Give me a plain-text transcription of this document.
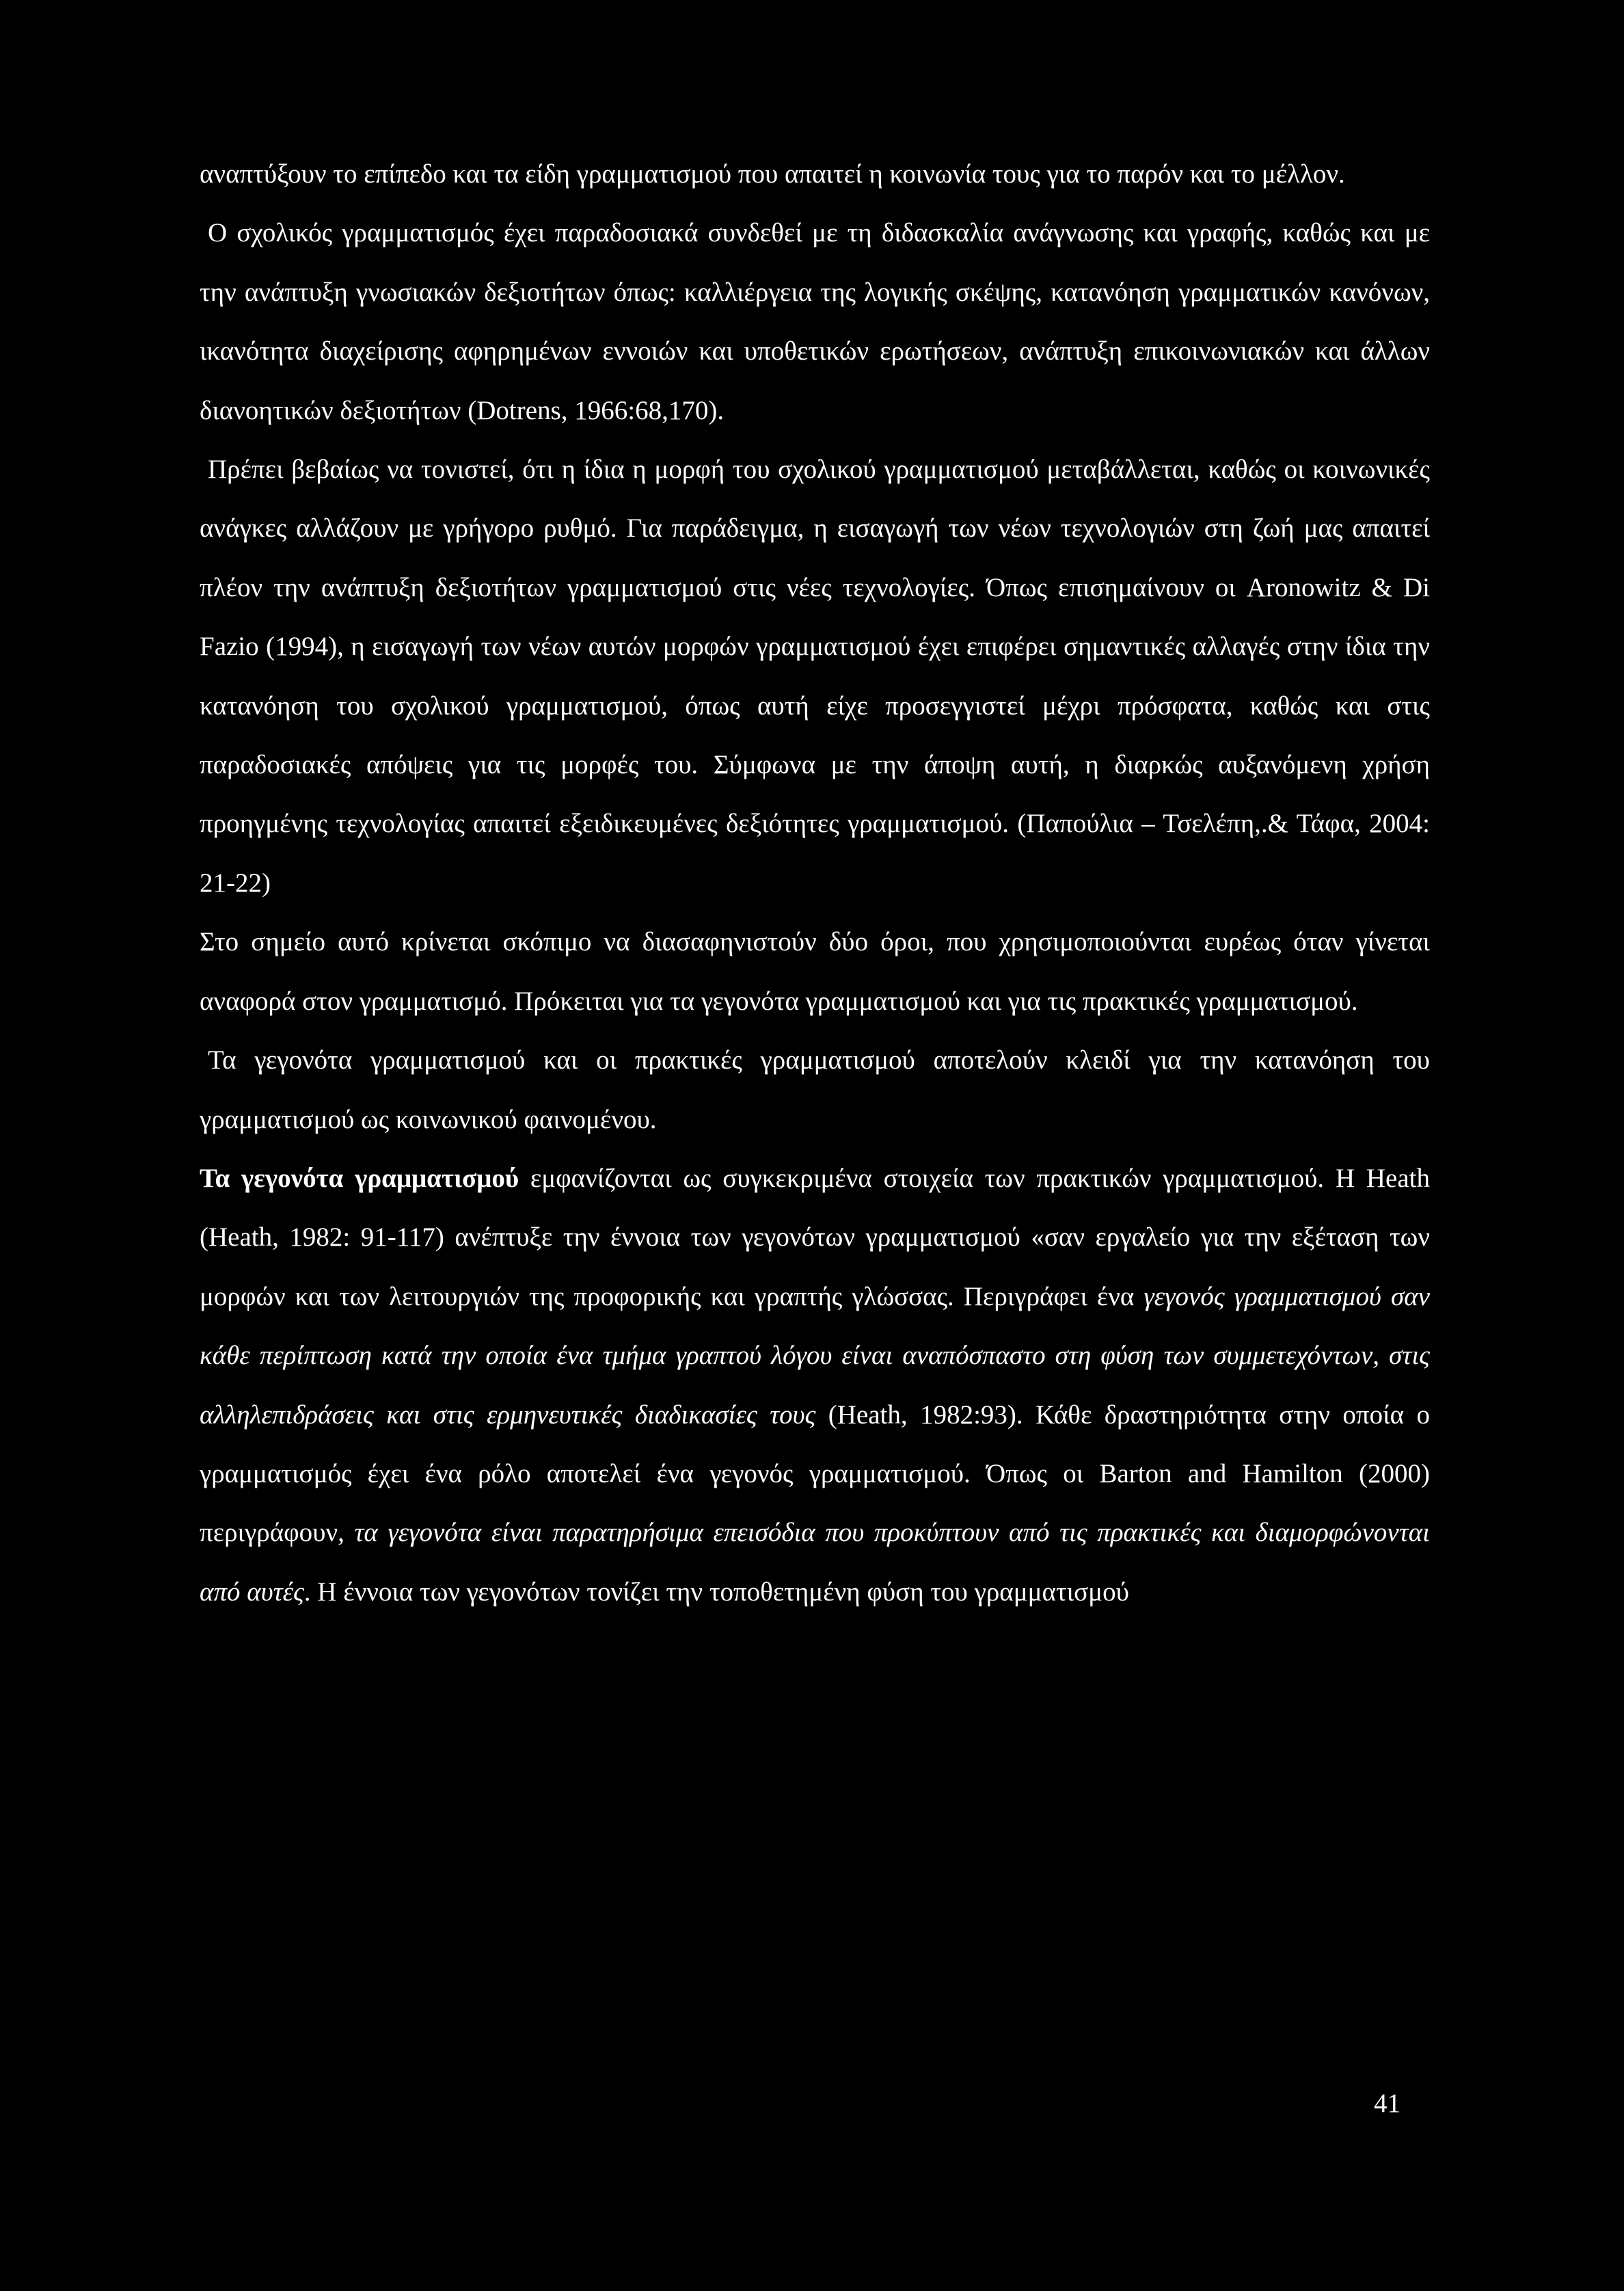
αναπτύξουν το επίπεδο και τα είδη γραμματισμού που απαιτεί η κοινωνία τους για το παρόν και το μέλλον.

Ο σχολικός γραμματισμός έχει παραδοσιακά συνδεθεί με τη διδασκαλία ανάγνωσης και γραφής, καθώς και με την ανάπτυξη γνωσιακών δεξιοτήτων όπως: καλλιέργεια της λογικής σκέψης, κατανόηση γραμματικών κανόνων, ικανότητα διαχείρισης αφηρημένων εννοιών και υποθετικών ερωτήσεων, ανάπτυξη επικοινωνιακών και άλλων διανοητικών δεξιοτήτων (Dotrens, 1966:68,170).

Πρέπει βεβαίως να τονιστεί, ότι η ίδια η μορφή του σχολικού γραμματισμού μεταβάλλεται, καθώς οι κοινωνικές ανάγκες αλλάζουν με γρήγορο ρυθμό. Για παράδειγμα, η εισαγωγή των νέων τεχνολογιών στη ζωή μας απαιτεί πλέον την ανάπτυξη δεξιοτήτων γραμματισμού στις νέες τεχνολογίες. Όπως επισημαίνουν οι Aronowitz & Di Fazio (1994), η εισαγωγή των νέων αυτών μορφών γραμματισμού έχει επιφέρει σημαντικές αλλαγές στην ίδια την κατανόηση του σχολικού γραμματισμού, όπως αυτή είχε προσεγγιστεί μέχρι πρόσφατα, καθώς και στις παραδοσιακές απόψεις για τις μορφές του. Σύμφωνα με την άποψη αυτή, η διαρκώς αυξανόμενη χρήση προηγμένης τεχνολογίας απαιτεί εξειδικευμένες δεξιότητες γραμματισμού. (Παπούλια – Τσελέπη,.& Τάφα, 2004: 21-22)

Στο σημείο αυτό κρίνεται σκόπιμο να διασαφηνιστούν δύο όροι, που χρησιμοποιούνται ευρέως όταν γίνεται αναφορά στον γραμματισμό. Πρόκειται για τα γεγονότα γραμματισμού και για τις πρακτικές γραμματισμού.

Τα γεγονότα γραμματισμού και οι πρακτικές γραμματισμού αποτελούν κλειδί για την κατανόηση του γραμματισμού ως κοινωνικού φαινομένου.

Τα γεγονότα γραμματισμού εμφανίζονται ως συγκεκριμένα στοιχεία των πρακτικών γραμματισμού. Η Heath (Heath, 1982: 91-117) ανέπτυξε την έννοια των γεγονότων γραμματισμού «σαν εργαλείο για την εξέταση των μορφών και των λειτουργιών της προφορικής και γραπτής γλώσσας. Περιγράφει ένα γεγονός γραμματισμού σαν κάθε περίπτωση κατά την οποία ένα τμήμα γραπτού λόγου είναι αναπόσπαστο στη φύση των συμμετεχόντων, στις αλληλεπιδράσεις και στις ερμηνευτικές διαδικασίες τους (Heath, 1982:93). Κάθε δραστηριότητα στην οποία ο γραμματισμός έχει ένα ρόλο αποτελεί ένα γεγονός γραμματισμού. Όπως οι Barton and Hamilton (2000) περιγράφουν, τα γεγονότα είναι παρατηρήσιμα επεισόδια που προκύπτουν από τις πρακτικές και διαμορφώνονται από αυτές. Η έννοια των γεγονότων τονίζει την τοποθετημένη φύση του γραμματισμού

41
